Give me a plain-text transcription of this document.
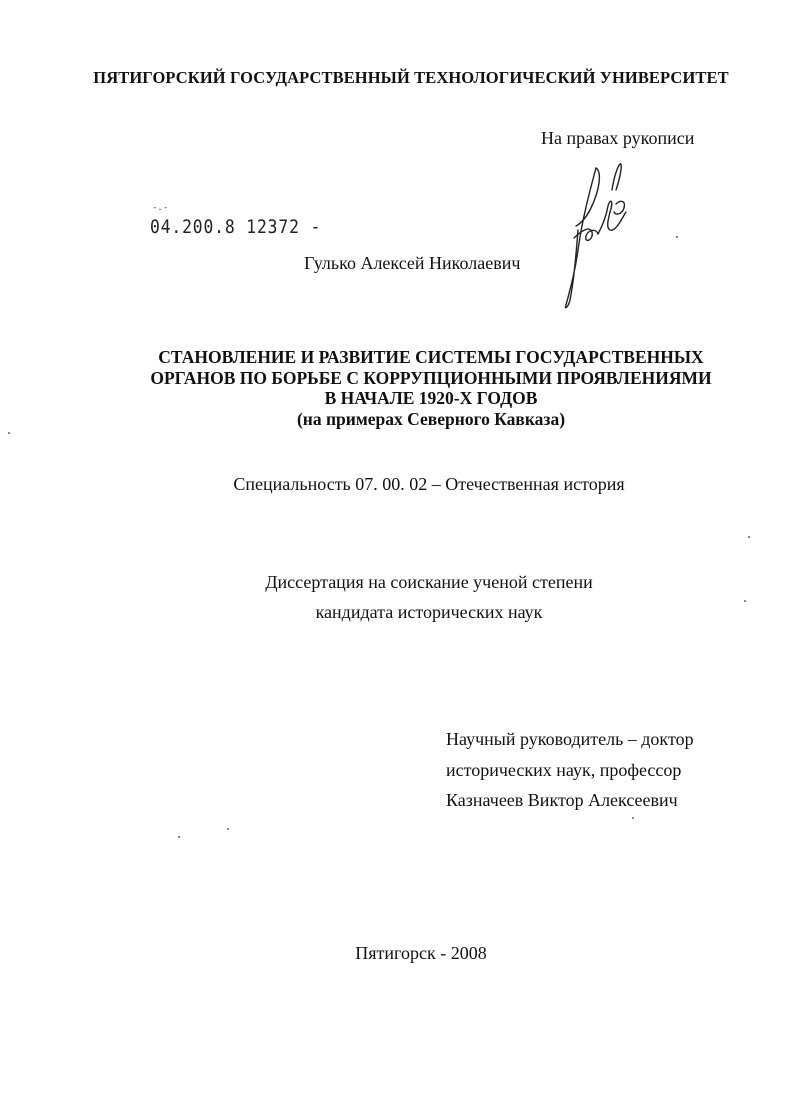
ПЯТИГОРСКИЙ ГОСУДАРСТВЕННЫЙ ТЕХНОЛОГИЧЕСКИЙ УНИВЕРСИТЕТ
На правах рукописи
-.-
04.200.8 12372 -
Гулько Алексей Николаевич
СТАНОВЛЕНИЕ И РАЗВИТИЕ СИСТЕМЫ ГОСУДАРСТВЕННЫХ
ОРГАНОВ ПО БОРЬБЕ С КОРРУПЦИОННЫМИ ПРОЯВЛЕНИЯМИ
В НАЧАЛЕ 1920-Х ГОДОВ
(на примерах Северного Кавказа)
Специальность 07. 00. 02 – Отечественная история
Диссертация на соискание ученой степени
кандидата исторических наук
Научный руководитель – доктор
исторических наук, профессор
Казначеев Виктор Алексеевич
Пятигорск - 2008
